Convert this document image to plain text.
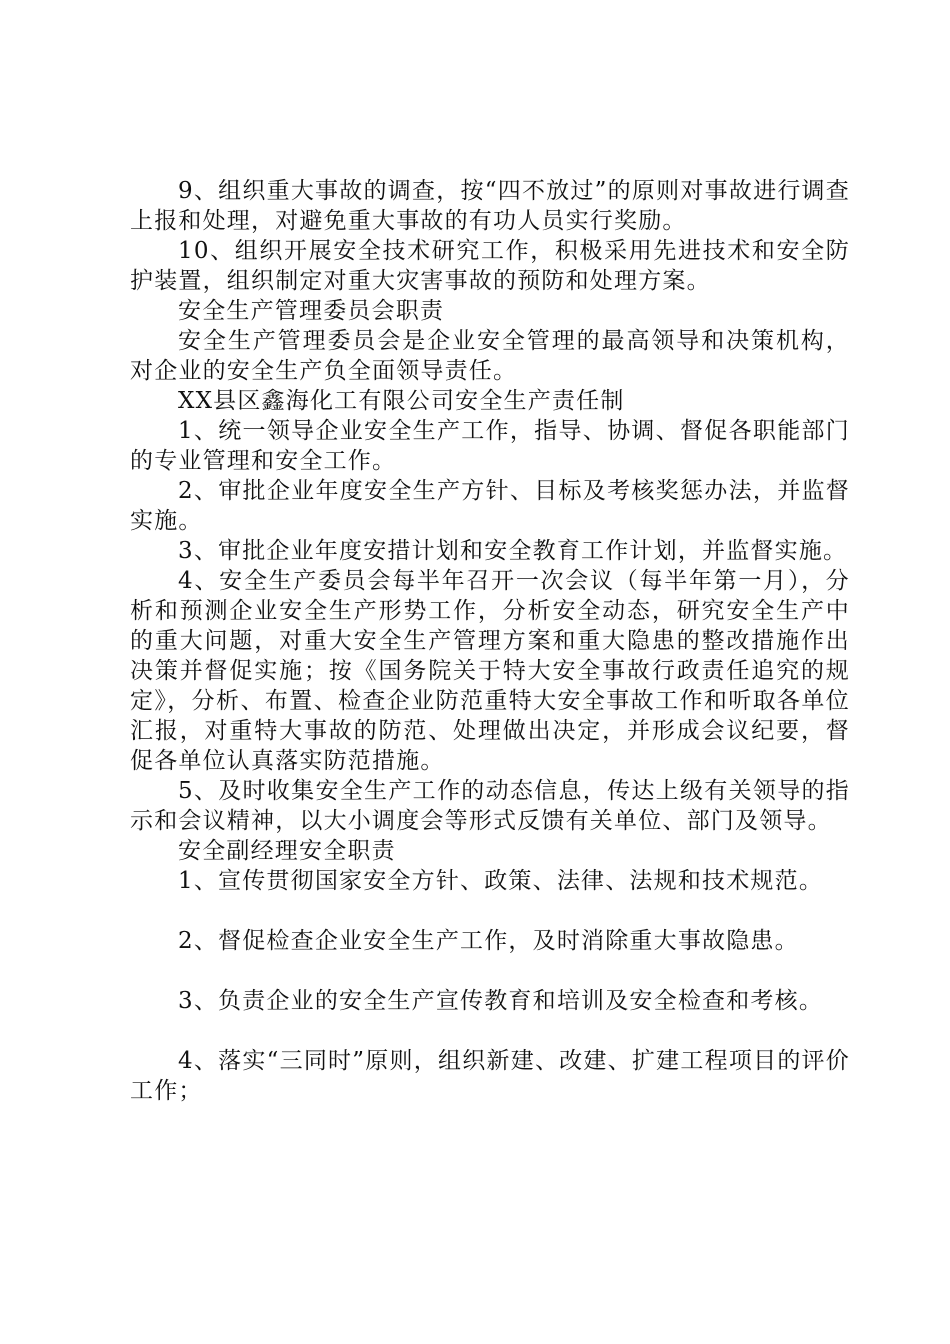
9、组织重大事故的调查，按“四不放过”的原则对事故进行调查上报和处理，对避免重大事故的有功人员实行奖励。

10、组织开展安全技术研究工作，积极采用先进技术和安全防护装置，组织制定对重大灾害事故的预防和处理方案。

安全生产管理委员会职责

安全生产管理委员会是企业安全管理的最高领导和决策机构，对企业的安全生产负全面领导责任。

XX县区鑫海化工有限公司安全生产责任制

1、统一领导企业安全生产工作，指导、协调、督促各职能部门的专业管理和安全工作。

2、审批企业年度安全生产方针、目标及考核奖惩办法，并监督实施。

3、审批企业年度安措计划和安全教育工作计划，并监督实施。

4、安全生产委员会每半年召开一次会议（每半年第一月），分析和预测企业安全生产形势工作，分析安全动态，研究安全生产中的重大问题，对重大安全生产管理方案和重大隐患的整改措施作出决策并督促实施；按《国务院关于特大安全事故行政责任追究的规定》，分析、布置、检查企业防范重特大安全事故工作和听取各单位汇报，对重特大事故的防范、处理做出决定，并形成会议纪要，督促各单位认真落实防范措施。

5、及时收集安全生产工作的动态信息，传达上级有关领导的指示和会议精神，以大小调度会等形式反馈有关单位、部门及领导。

安全副经理安全职责

1、宣传贯彻国家安全方针、政策、法律、法规和技术规范。

2、督促检查企业安全生产工作，及时消除重大事故隐患。

3、负责企业的安全生产宣传教育和培训及安全检查和考核。

4、落实“三同时”原则，组织新建、改建、扩建工程项目的评价工作；
